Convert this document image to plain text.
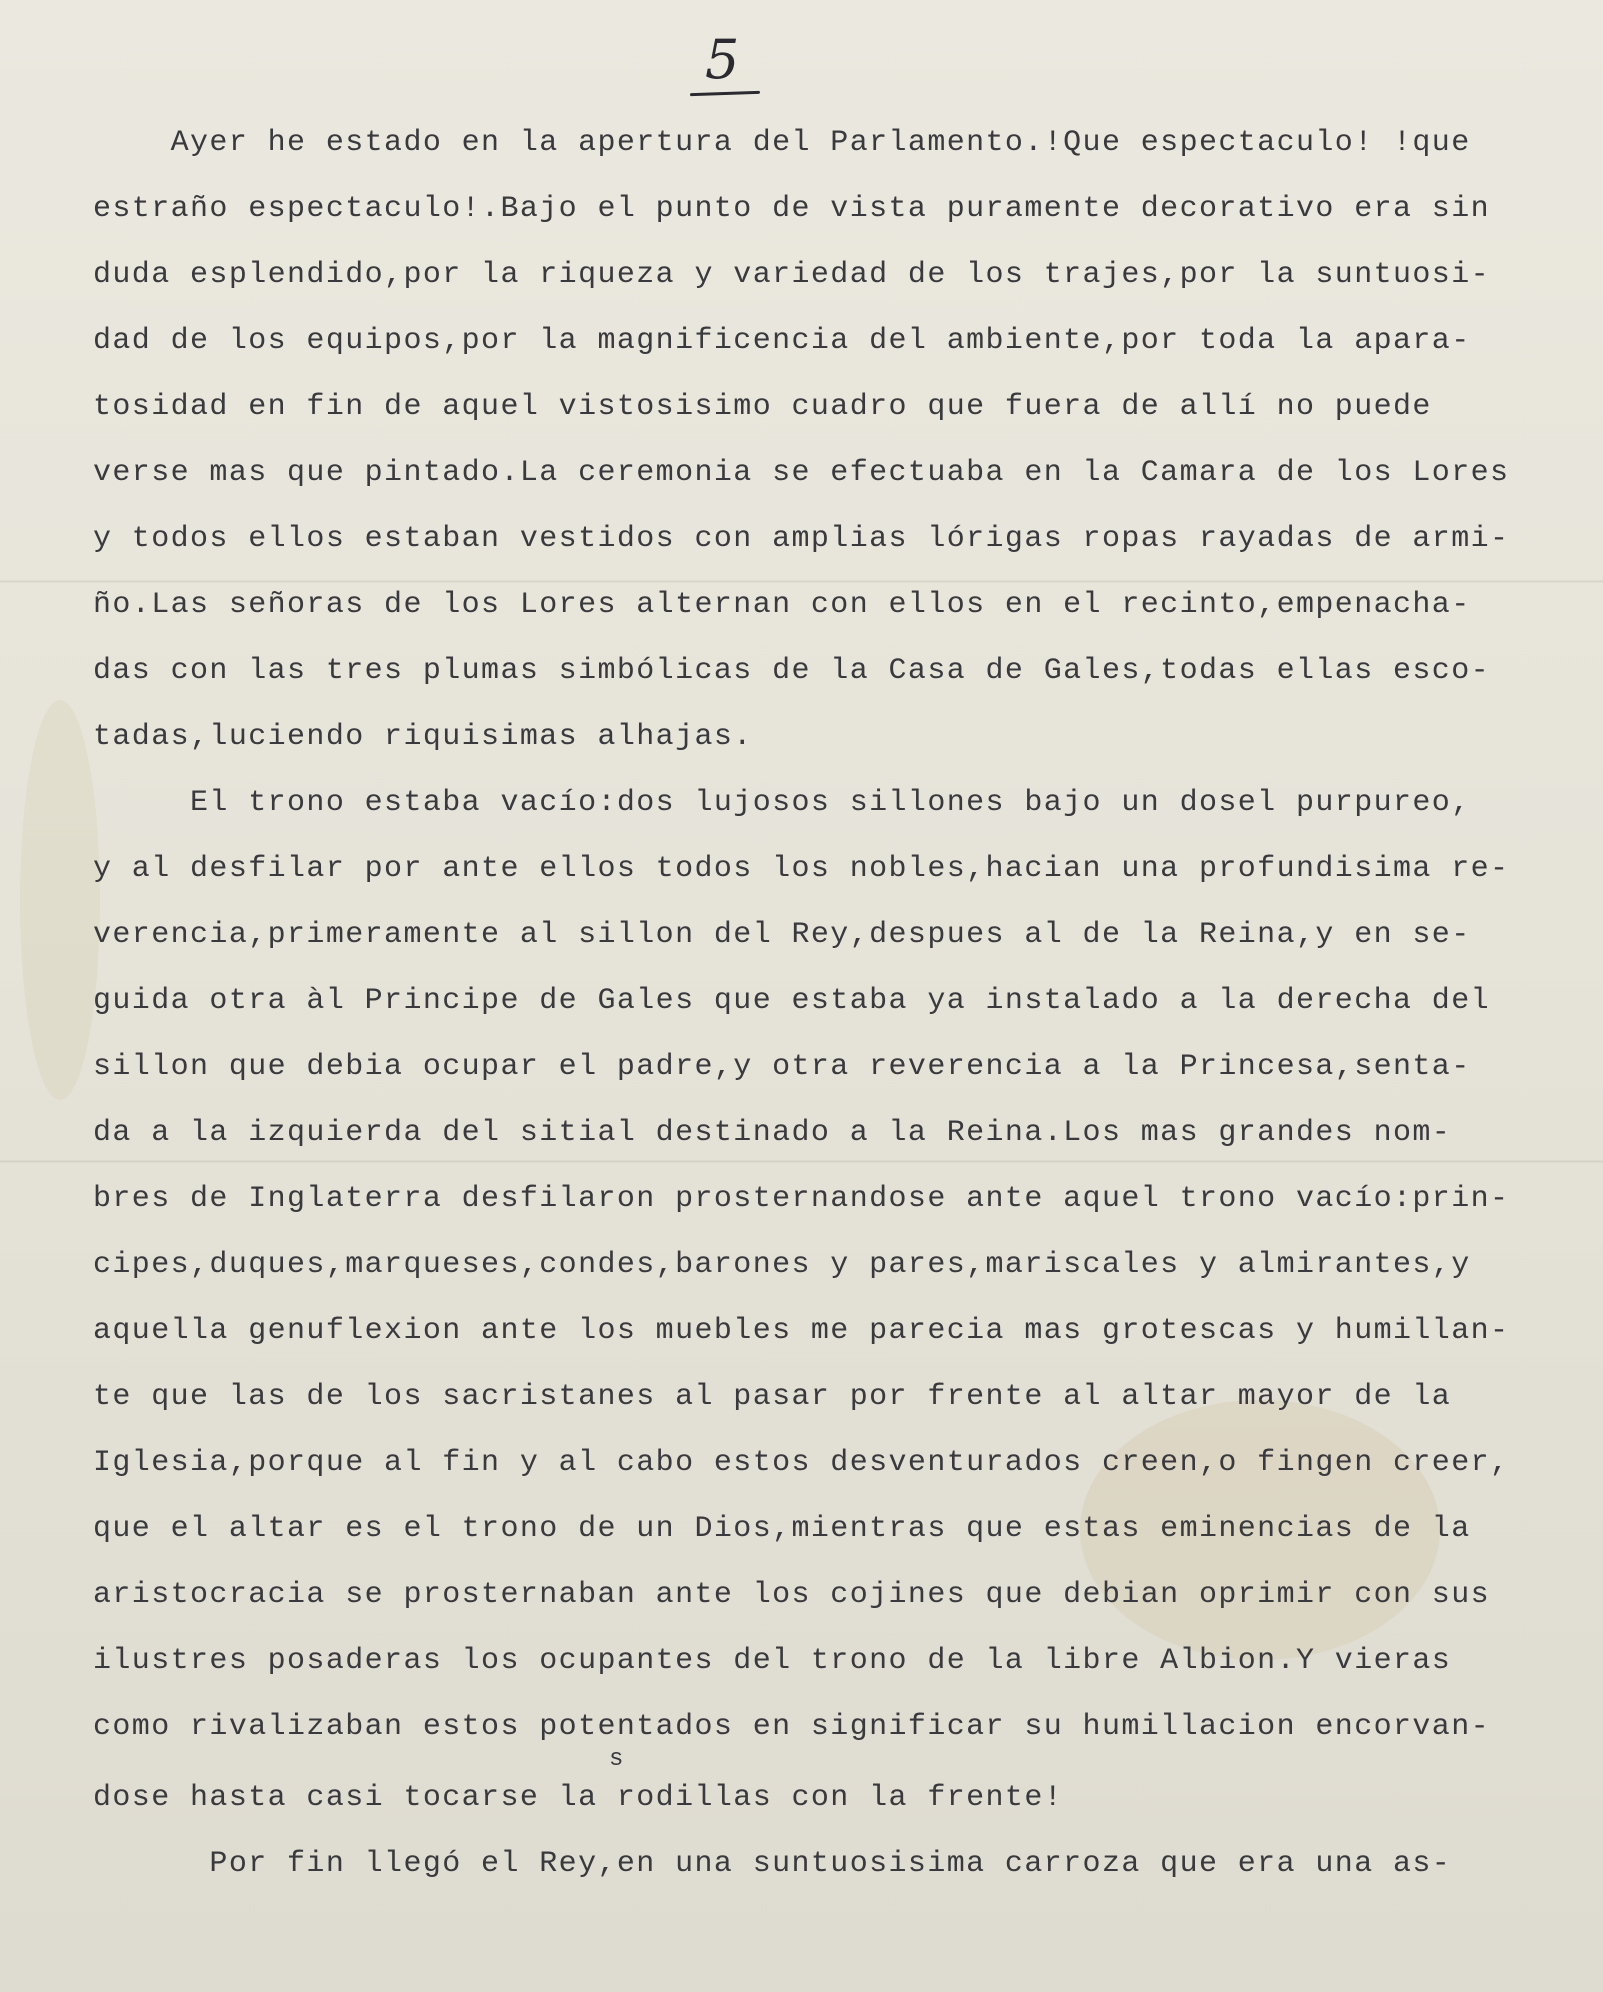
5
Ayer he estado en la apertura del Parlamento.!Que espectaculo! !que
estraño espectaculo!.Bajo el punto de vista puramente decorativo era sin
duda esplendido,por la riqueza y variedad de los trajes,por la suntuosi-
dad de los equipos,por la magnificencia del ambiente,por toda la apara-
tosidad en fin de aquel vistosisimo cuadro que fuera de allí no puede
verse mas que pintado.La ceremonia se efectuaba en la Camara de los Lores
y todos ellos estaban vestidos con amplias lórigas ropas rayadas de armi-
ño.Las señoras de los Lores alternan con ellos en el recinto,empenacha-
das con las tres plumas simbólicas de la Casa de Gales,todas ellas esco-
tadas,luciendo riquisimas alhajas.
El trono estaba vacío:dos lujosos sillones bajo un dosel purpureo,
y al desfilar por ante ellos todos los nobles,hacian una profundisima re-
verencia,primeramente al sillon del Rey,despues al de la Reina,y en se-
guida otra àl Principe de Gales que estaba ya instalado a la derecha del
sillon que debia ocupar el padre,y otra reverencia a la Princesa,senta-
da a la izquierda del sitial destinado a la Reina.Los mas grandes nom-
bres de Inglaterra desfilaron prosternandose ante aquel trono vacío:prin-
cipes,duques,marqueses,condes,barones y pares,mariscales y almirantes,y
aquella genuflexion ante los muebles me parecia mas grotescas y humillan-
te que las de los sacristanes al pasar por frente al altar mayor de la
Iglesia,porque al fin y al cabo estos desventurados creen,o fingen creer,
que el altar es el trono de un Dios,mientras que estas eminencias de la
aristocracia se prosternaban ante los cojines que debian oprimir con sus
ilustres posaderas los ocupantes del trono de la libre Albion.Y vieras
como rivalizaban estos potentados en significar su humillacion encorvan-
s
dose hasta casi tocarse la rodillas con la frente!
Por fin llegó el Rey,en una suntuosisima carroza que era una as-
